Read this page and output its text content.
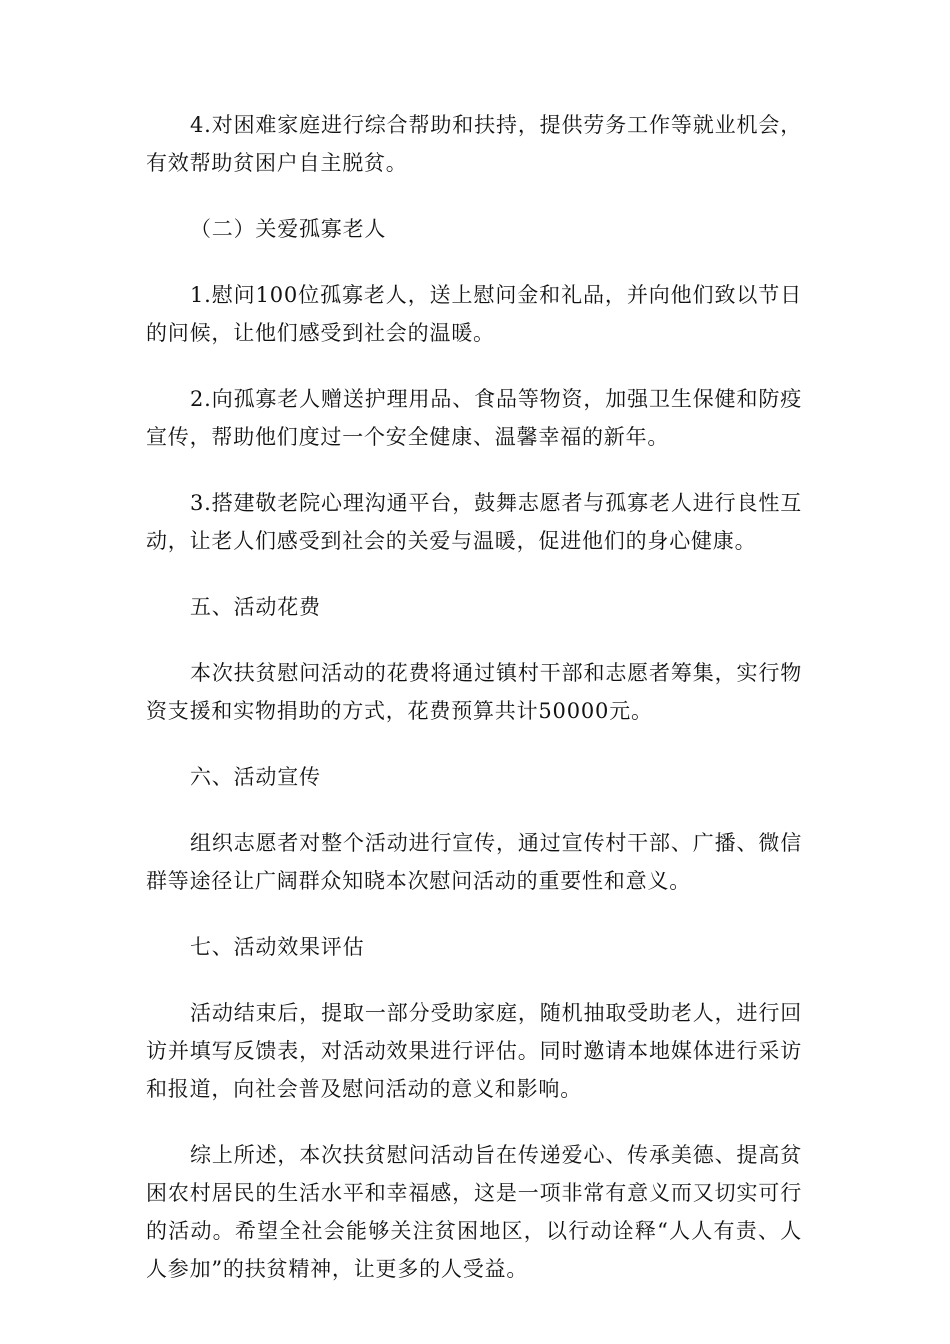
4.对困难家庭进行综合帮助和扶持，提供劳务工作等就业机会，有效帮助贫困户自主脱贫。

（二）关爱孤寡老人

1.慰问100位孤寡老人，送上慰问金和礼品，并向他们致以节日的问候，让他们感受到社会的温暖。

2.向孤寡老人赠送护理用品、食品等物资，加强卫生保健和防疫宣传，帮助他们度过一个安全健康、温馨幸福的新年。

3.搭建敬老院心理沟通平台，鼓舞志愿者与孤寡老人进行良性互动，让老人们感受到社会的关爱与温暖，促进他们的身心健康。

五、活动花费

本次扶贫慰问活动的花费将通过镇村干部和志愿者筹集，实行物资支援和实物捐助的方式，花费预算共计50000元。

六、活动宣传

组织志愿者对整个活动进行宣传，通过宣传村干部、广播、微信群等途径让广阔群众知晓本次慰问活动的重要性和意义。

七、活动效果评估

活动结束后，提取一部分受助家庭，随机抽取受助老人，进行回访并填写反馈表，对活动效果进行评估。同时邀请本地媒体进行采访和报道，向社会普及慰问活动的意义和影响。

综上所述，本次扶贫慰问活动旨在传递爱心、传承美德、提高贫困农村居民的生活水平和幸福感，这是一项非常有意义而又切实可行的活动。希望全社会能够关注贫困地区，以行动诠释“人人有责、人人参加”的扶贫精神，让更多的人受益。
